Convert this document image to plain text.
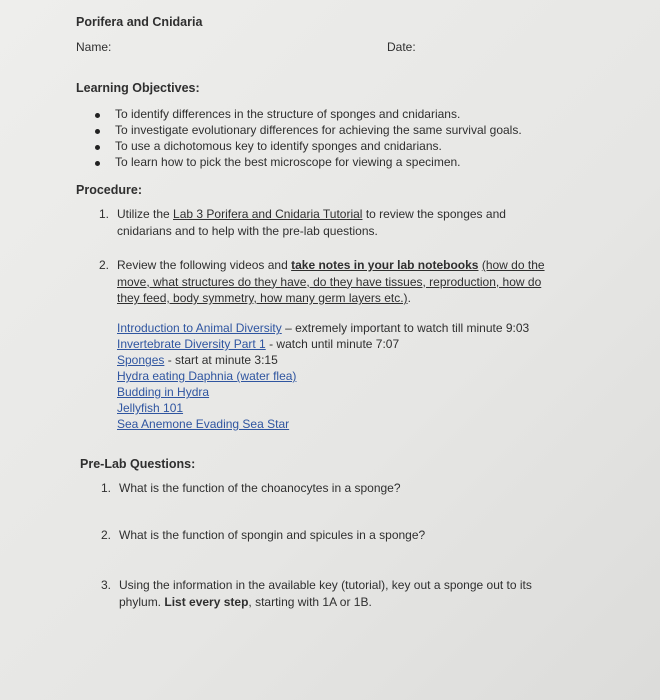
Porifera and Cnidaria
Name:	Date:
Learning Objectives:
To identify differences in the structure of sponges and cnidarians.
To investigate evolutionary differences for achieving the same survival goals.
To use a dichotomous key to identify sponges and cnidarians.
To learn how to pick the best microscope for viewing a specimen.
Procedure:
1. Utilize the Lab 3 Porifera and Cnidaria Tutorial to review the sponges and
cnidarians and to help with the pre-lab questions.
2. Review the following videos and take notes in your lab notebooks (how do the
move, what structures do they have, do they have tissues, reproduction, how do
they feed, body symmetry, how many germ layers etc.).
Introduction to Animal Diversity – extremely important to watch till minute 9:03
Invertebrate Diversity Part 1 - watch until minute 7:07
Sponges - start at minute 3:15
Hydra eating Daphnia (water flea)
Budding in Hydra
Jellyfish 101
Sea Anemone Evading Sea Star
Pre-Lab Questions:
1. What is the function of the choanocytes in a sponge?
2. What is the function of spongin and spicules in a sponge?
3. Using the information in the available key (tutorial), key out a sponge out to its
phylum. List every step, starting with 1A or 1B.
